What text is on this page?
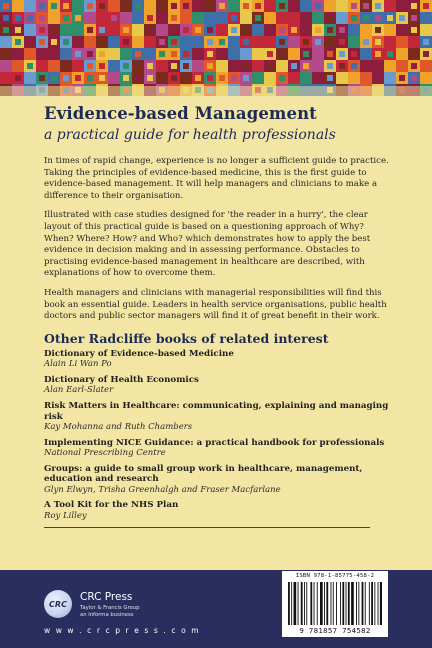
Evidence-based Management
a practical guide for health professionals

In times of rapid change, experience is no longer a sufficient guide to practice. Taking the principles of evidence-based medicine, this is the first guide to evidence-based management. It will help managers and clinicians to make a difference to their organisation.

Illustrated with case studies designed for 'the reader in a hurry', the clear layout of this practical guide is based on a questioning approach of Why? When? Where? How? and Who? which demonstrates how to apply the best evidence in decision making and in assessing performance. Obstacles to practising evidence-based management in healthcare are described, with explanations of how to overcome them.

Health managers and clinicians with managerial responsibilities will find this book an essential guide. Leaders in health service organisations, public health doctors and public sector managers will find it of great benefit in their work.

Other Radcliffe books of related interest
Dictionary of Evidence-based Medicine
Alain Li Wan Po
Dictionary of Health Economics
Alan Earl-Slater
Risk Matters in Healthcare: communicating, explaining and managing risk
Kay Mohanna and Ruth Chambers
Implementing NICE Guidance: a practical handbook for professionals
National Prescribing Centre
Groups: a guide to small group work in healthcare, management, education and research
Glyn Elwyn, Trisha Greenhalgh and Fraser Macfarlane
A Tool Kit for the NHS Plan
Roy Lilley
CRC
CRC Press
Taylor & Francis Group
an informa business
w w w . c r c p r e s s . c o m
ISBN 978-1-85775-458-2
9 781857 754582
